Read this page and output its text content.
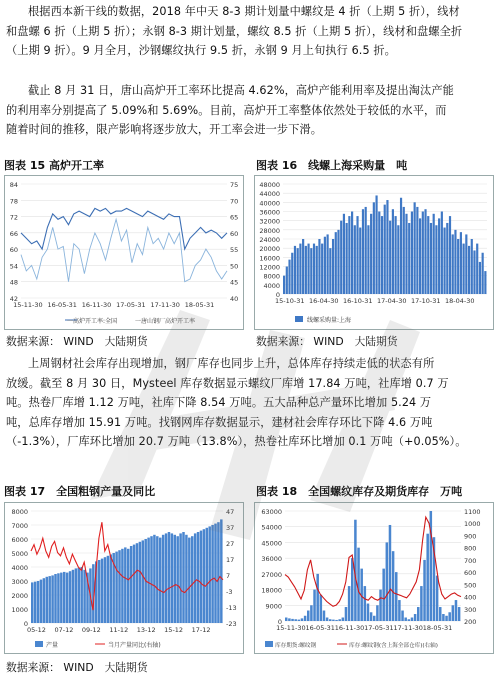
根据西本新干线的数据，2018 年中天 8-3 期计划量中螺纹是 4 折（上期 5 折），线材
和盘螺 6 折（上期 5 折）；永钢 8-3 期计划量，螺纹 8.5 折（上期 5 折），线材和盘螺全折
（上期 9 折）。9 月全月，沙钢螺纹执行 9.5 折，永钢 9 月上旬执行 6.5 折。
截止 8 月 31 日，唐山高炉开工率环比提高 4.62%，高炉产能利用率及提出淘汰产能
的利用率分别提高了 5.09%和 5.69%。目前，高炉开工率整体依然处于较低的水平，而
随着时间的推移，限产影响将逐步放大，开工率会进一步下滑。
图表 15 高炉开工率	图表 16　线螺上海采购量　吨
84
78
72
66
60
54
48
42
75
70
65
60
55
50
45
40
15-11-30 16-05-31 16-11-30 17-05-31 17-11-30 18-05-31
一高炉开工率:全国	一唐山钢厂高炉开工率
48000
44000
40000
36000
32000
28000
24000
20000
16000
12000
8000
4000
0
15-10-31 16-04-30 16-10-31 17-04-30 17-10-31 18-04-30
线螺采购量:上海
数据来源： WIND　大陆期货	数据来源： WIND　大陆期货
上周钢材社会库存出现增加，钢厂库存也同步上升，总体库存持续走低的状态有所
放缓。截至 8 月 30 日，Mysteel 库存数据显示螺纹厂库增 17.84 万吨，社库增 0.7 万
吨。热卷厂库增 1.12 万吨，社库下降 8.54 万吨。五大品种总产量环比增加 5.24 万
吨，总库存增加 15.91 万吨。找钢网库存数据显示，建材社会库存环比下降 4.6 万吨
（-1.3%），厂库环比增加 20.7 万吨（13.8%），热卷社库环比增加 0.1 万吨（+0.05%）。
图表 17　全国粗钢产量及同比	图表 18　全国螺纹库存及期货库存　万吨
8000
7000
6000
5000
4000
3000
2000
1000
0
47
37
27
17
7
-3
-13
-23
05-12 07-12 09-12 11-12 13-12 15-12 17-12
产量	当月产量同比(右轴)
63000
54000
45000
36000
27000
18000
9000
0
1100
1000
900
800
700
600
500
400
300
200
15-11-30 16-05-31 16-11-30 17-05-31 17-11-30 18-05-31
库存期货:螺纹钢	库存:螺纹钢(含上海全部仓库)(右轴)
数据来源： WIND　大陆期货
